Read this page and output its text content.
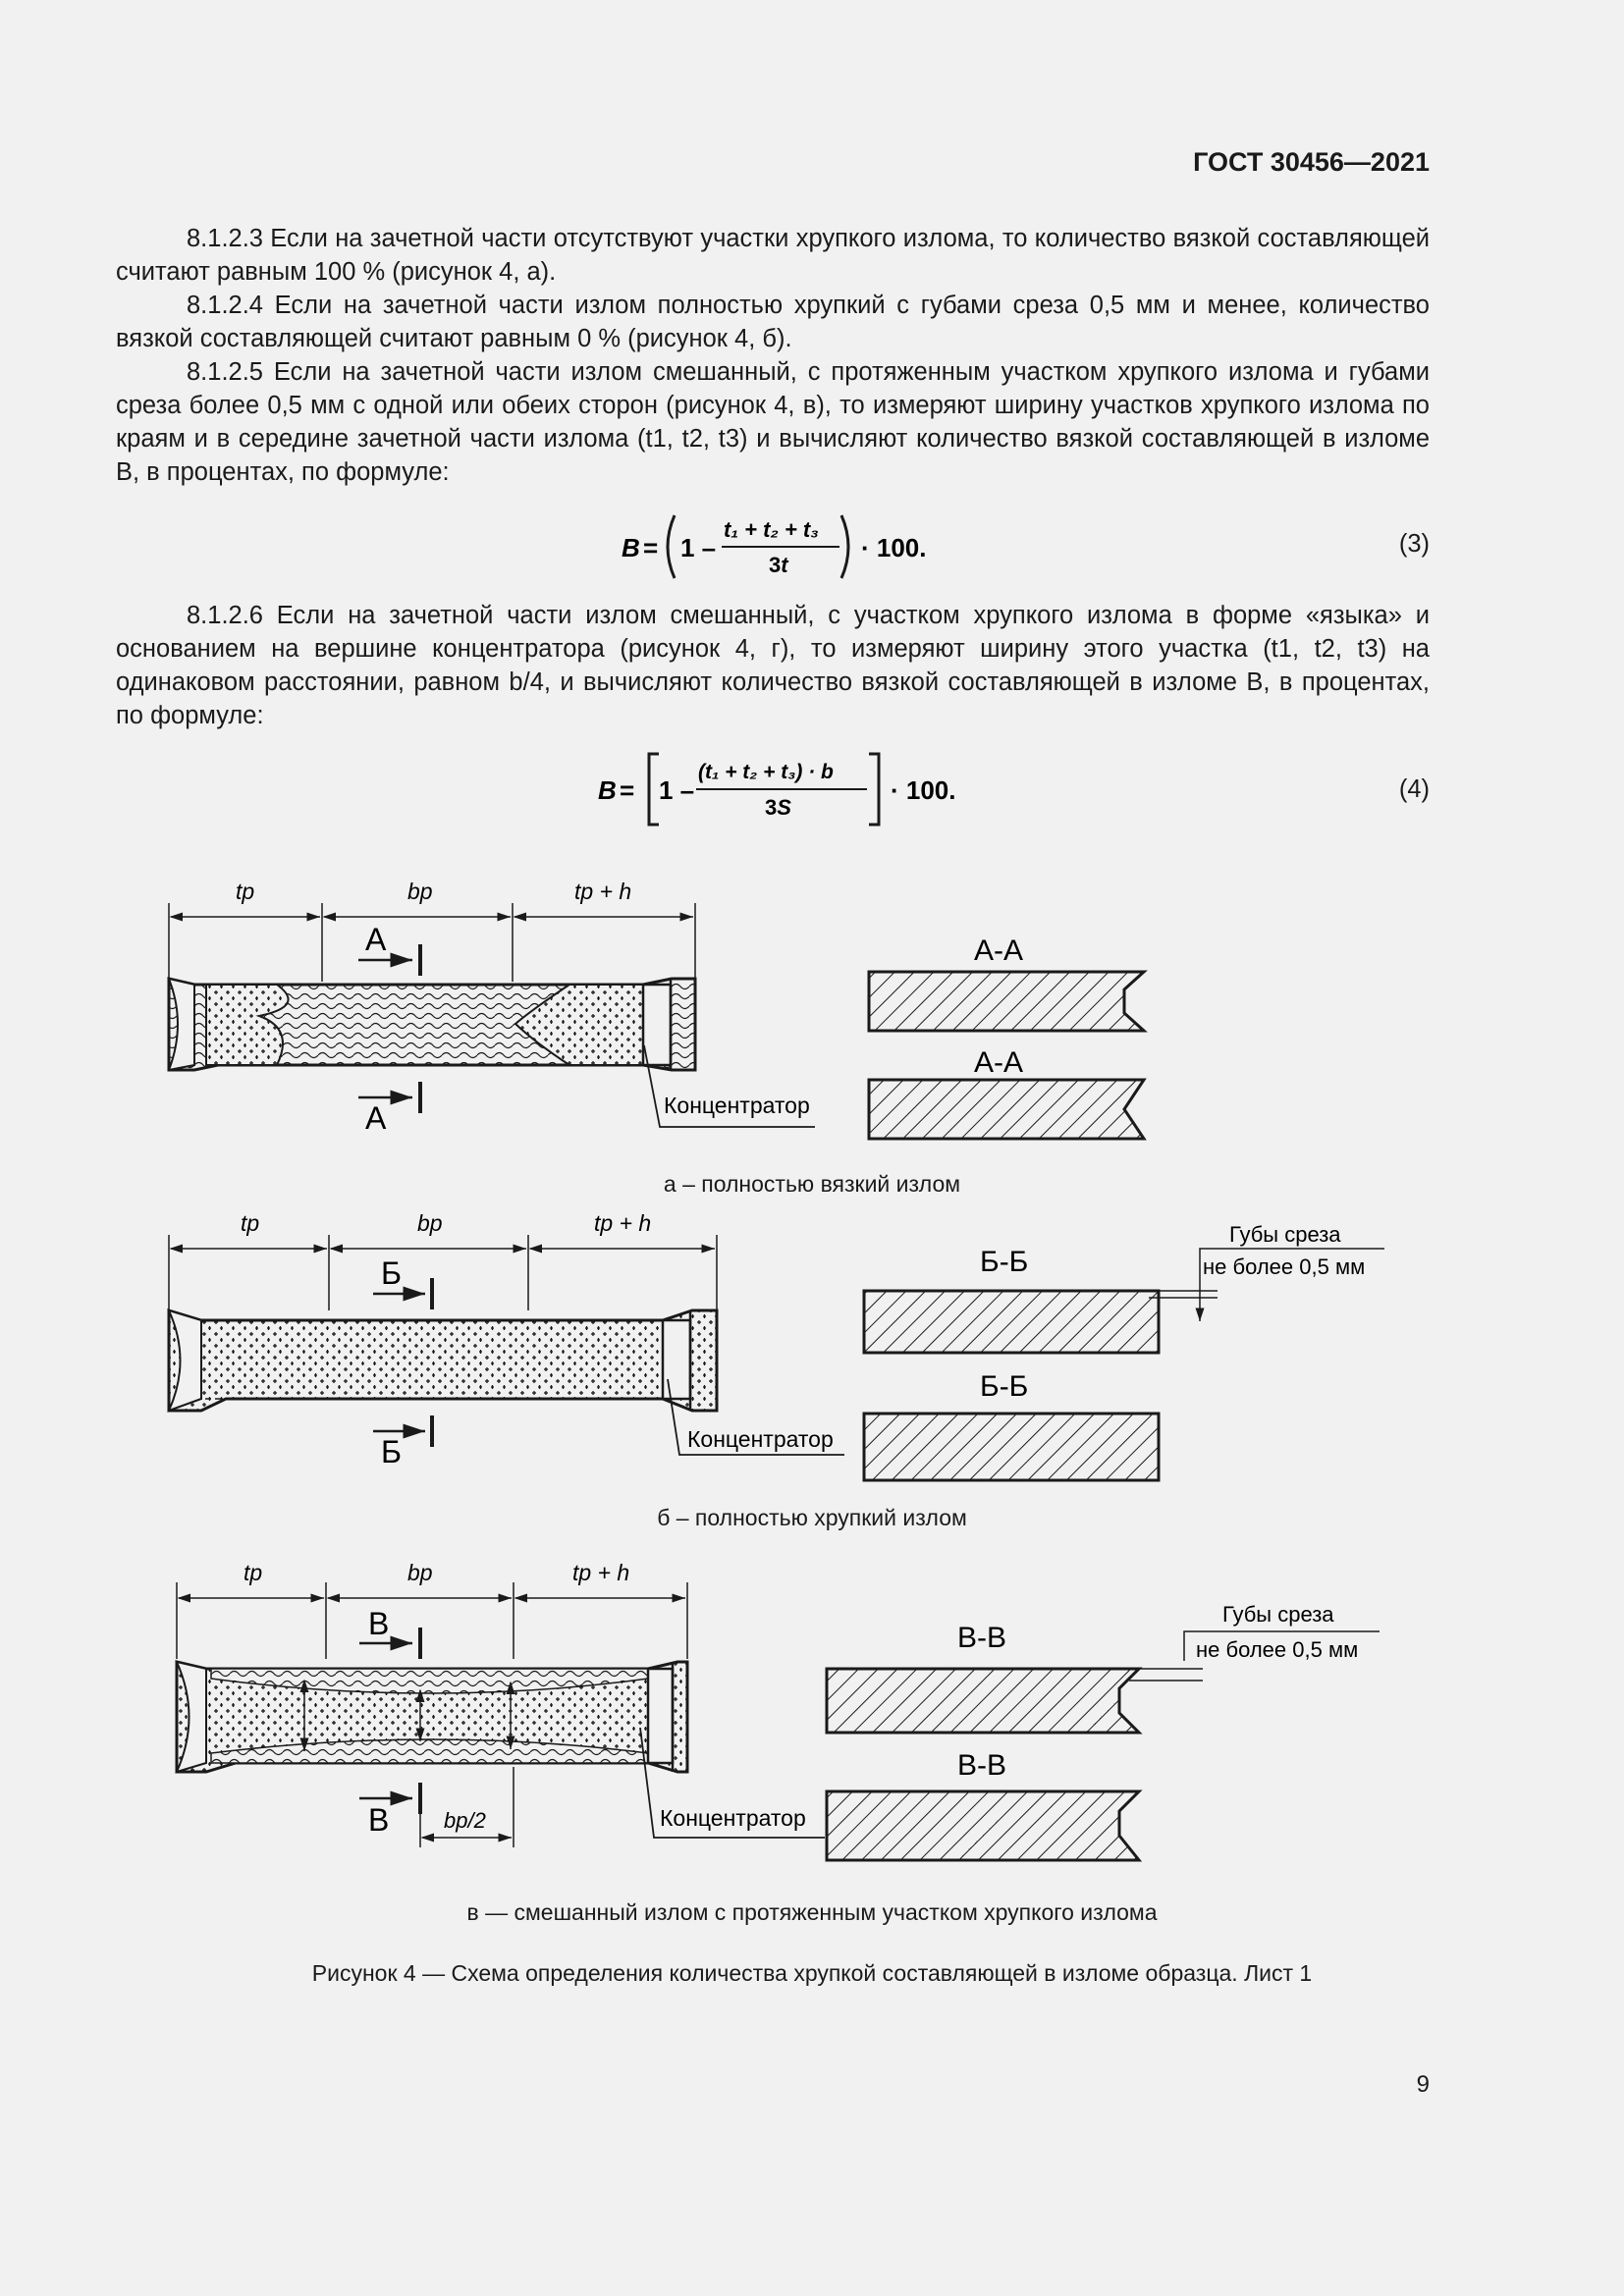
ГОСТ 30456—2021

8.1.2.3 Если на зачетной части отсутствуют участки хрупкого излома, то количество вязкой составляющей считают равным 100 % (рисунок 4, а).

8.1.2.4 Если на зачетной части излом полностью хрупкий с губами среза 0,5 мм и менее, количество вязкой составляющей считают равным 0 % (рисунок 4, б).

8.1.2.5 Если на зачетной части излом смешанный, с протяженным участком хрупкого излома и губами среза более 0,5 мм с одной или обеих сторон (рисунок 4, в), то измеряют ширину участков хрупкого излома по краям и в середине зачетной части излома (t1, t2, t3) и вычисляют количество вязкой составляющей в изломе B, в процентах, по формуле:

B = 1 –
t₁ + t₂ + t₃
3t
· 100.	(3)

8.1.2.6 Если на зачетной части излом смешанный, с участком хрупкого излома в форме «языка» и основанием на вершине концентратора (рисунок 4, г), то измеряют ширину этого участка (t1, t2, t3) на одинаковом расстоянии, равном b/4, и вычисляют количество вязкой составляющей в изломе B, в процентах, по формуле:

B = 1 –
(t₁ + t₂ + t₃) · b
3S
· 100.	(4)
tp	bp	tp + h
А
А	Концентратор
А-А
А-А
tp	bp	tp + h
Б
Б	Концентратор
Б-Б
Б-Б
Губы среза
не более 0,5 мм
tp	bp	tp + h
В
В	bp/2	Концентратор
В-В
В-В
Губы среза
не более 0,5 мм
а – полностью вязкий излом
б – полностью хрупкий излом
в — смешанный излом с протяженным участком хрупкого излома
Рисунок 4 — Схема определения количества хрупкой составляющей в изломе образца. Лист 1
9
